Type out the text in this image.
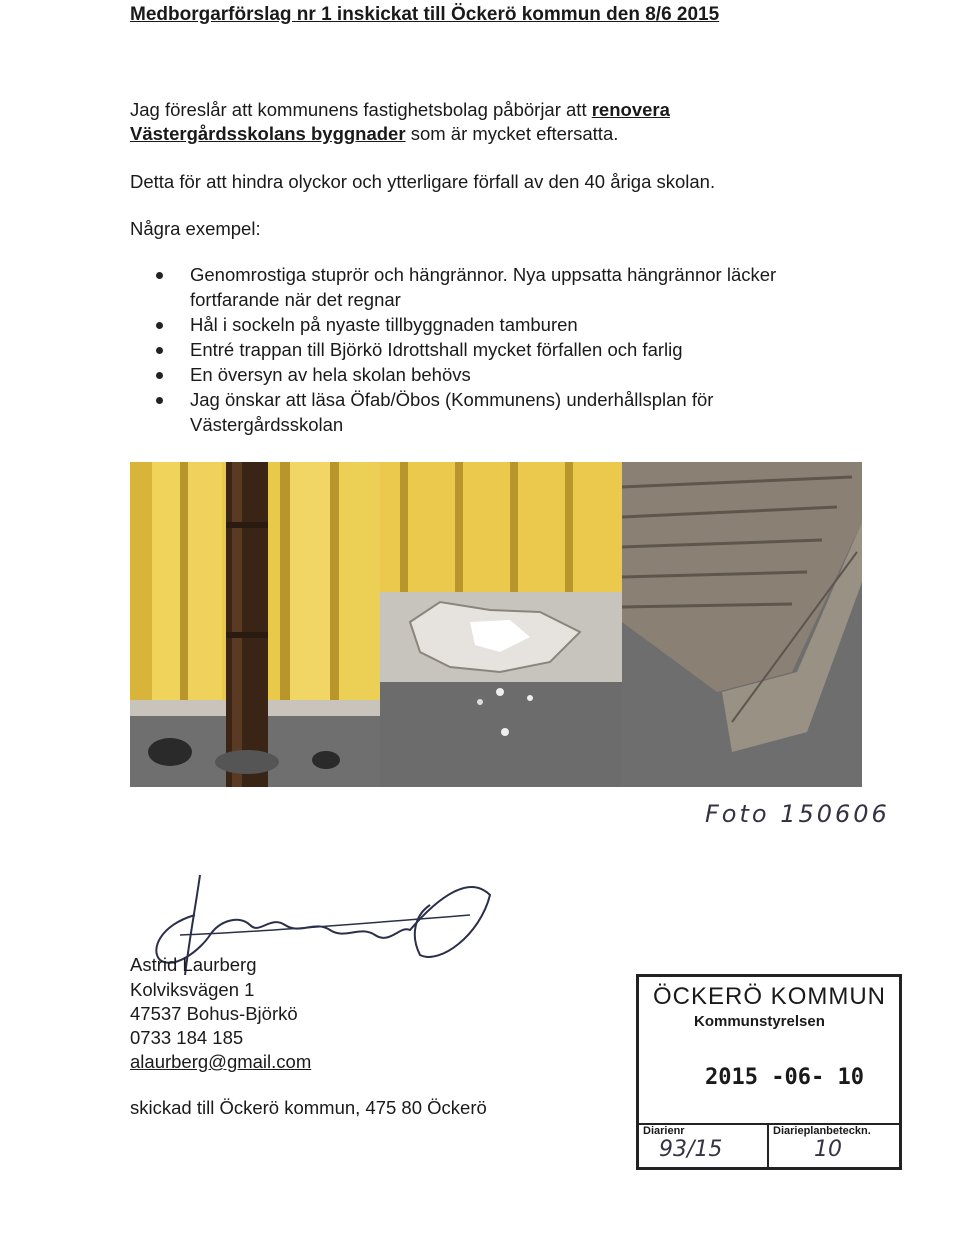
Medborgarförslag nr 1 inskickat till Öckerö kommun den 8/6 2015
Jag föreslår att kommunens fastighetsbolag påbörjar att renovera
Västergårdsskolans byggnader som är mycket eftersatta.
Detta för att hindra olyckor och ytterligare förfall av den 40 åriga skolan.
Några exempel:
Genomrostiga stuprör och hängrännor. Nya uppsatta hängrännor läcker fortfarande när det regnar
Hål i sockeln på nyaste tillbyggnaden tamburen
Entré trappan till Björkö Idrottshall mycket förfallen och farlig
En översyn av hela skolan behövs
Jag önskar att läsa Öfab/Öbos (Kommunens) underhållsplan för Västergårdsskolan
Foto 150606
Astrid Laurberg
Kolviksvägen 1
47537 Bohus-Björkö
0733 184 185
alaurberg@gmail.com
skickad till Öckerö kommun, 475 80 Öckerö
ÖCKERÖ KOMMUN
Kommunstyrelsen
2015 -06- 10
Diarienr
93/15
Diarieplanbeteckn.
10
